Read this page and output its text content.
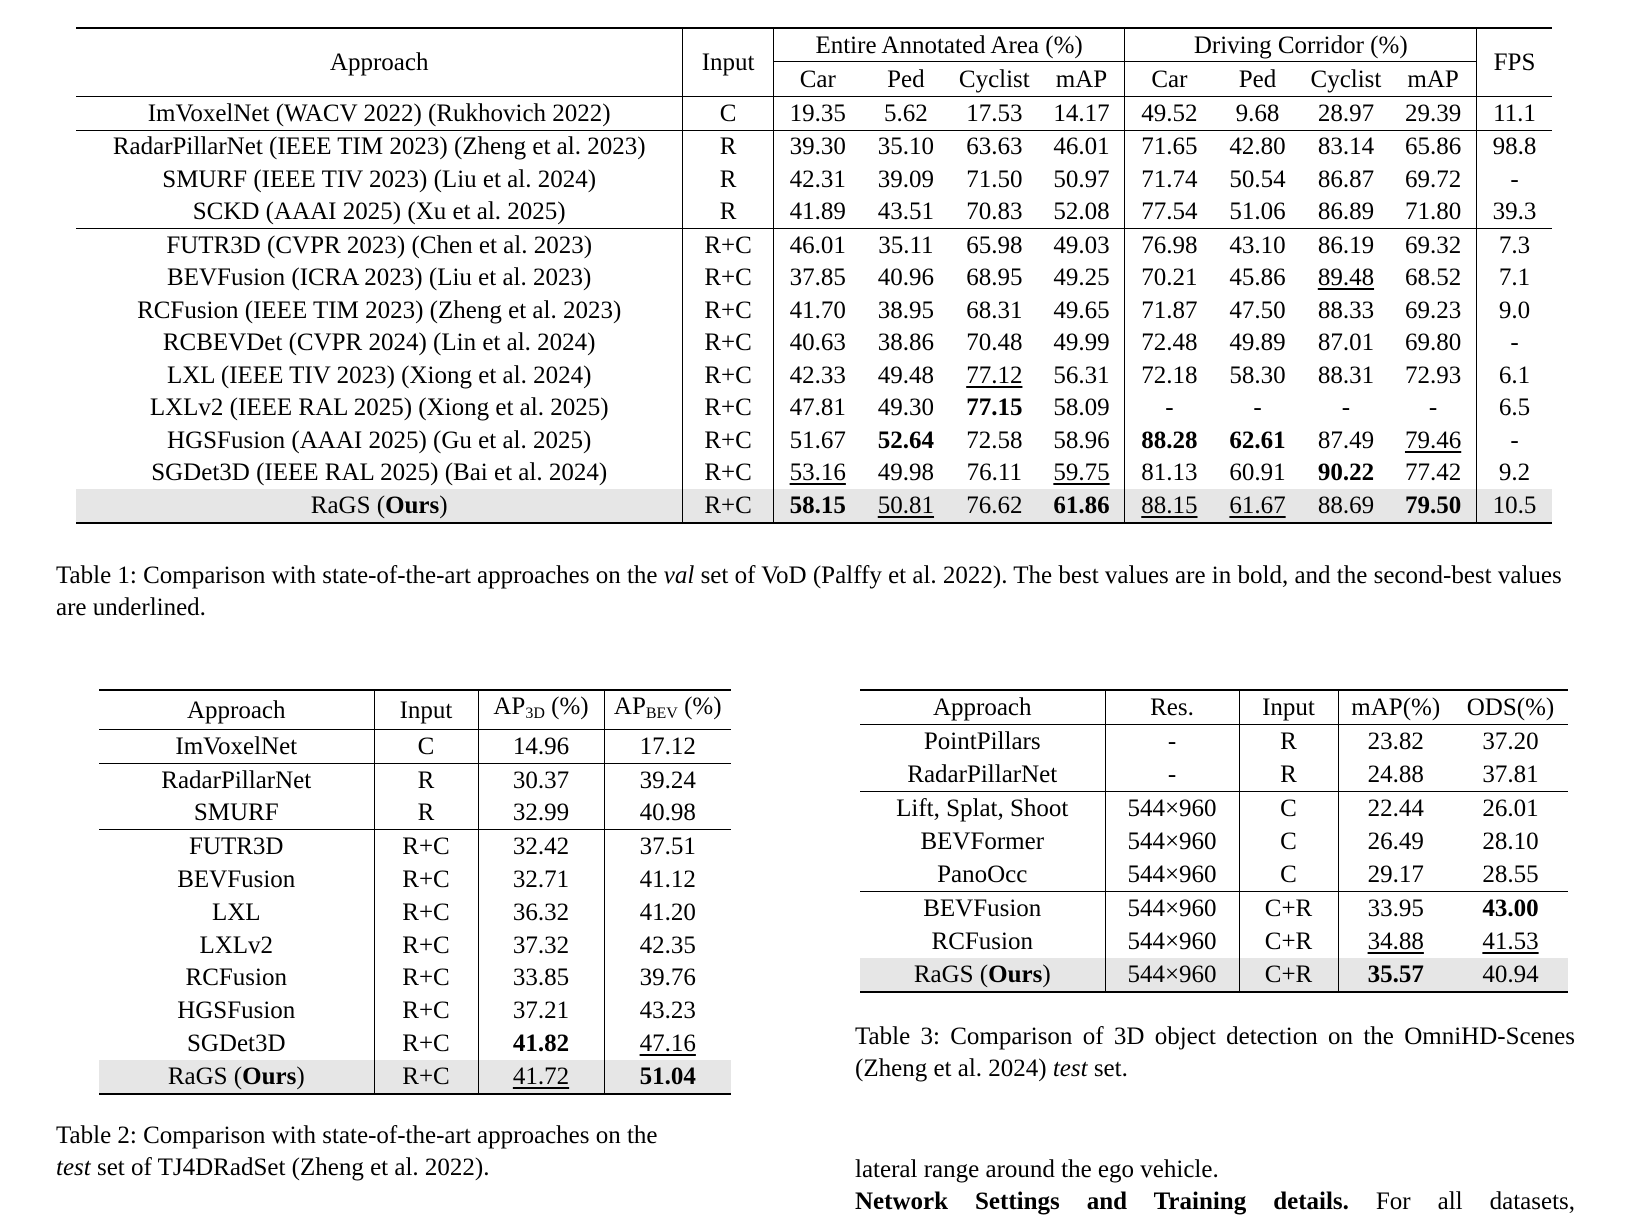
Approach	Input	Entire Annotated Area (%)				Driving Corridor (%)				FPS
		Car	Ped	Cyclist	mAP	Car	Ped	Cyclist	mAP	
ImVoxelNet (WACV 2022) (Rukhovich 2022)	C	19.35	5.62	17.53	14.17	49.52	9.68	28.97	29.39	11.1
RadarPillarNet (IEEE TIM 2023) (Zheng et al. 2023)	R	39.30	35.10	63.63	46.01	71.65	42.80	83.14	65.86	98.8
SMURF (IEEE TIV 2023) (Liu et al. 2024)	R	42.31	39.09	71.50	50.97	71.74	50.54	86.87	69.72	-
SCKD (AAAI 2025) (Xu et al. 2025)	R	41.89	43.51	70.83	52.08	77.54	51.06	86.89	71.80	39.3
FUTR3D (CVPR 2023) (Chen et al. 2023)	R+C	46.01	35.11	65.98	49.03	76.98	43.10	86.19	69.32	7.3
BEVFusion (ICRA 2023) (Liu et al. 2023)	R+C	37.85	40.96	68.95	49.25	70.21	45.86	89.48	68.52	7.1
RCFusion (IEEE TIM 2023) (Zheng et al. 2023)	R+C	41.70	38.95	68.31	49.65	71.87	47.50	88.33	69.23	9.0
RCBEVDet (CVPR 2024) (Lin et al. 2024)	R+C	40.63	38.86	70.48	49.99	72.48	49.89	87.01	69.80	-
LXL (IEEE TIV 2023) (Xiong et al. 2024)	R+C	42.33	49.48	77.12	56.31	72.18	58.30	88.31	72.93	6.1
LXLv2 (IEEE RAL 2025) (Xiong et al. 2025)	R+C	47.81	49.30	77.15	58.09	-	-	-	-	6.5
HGSFusion (AAAI 2025) (Gu et al. 2025)	R+C	51.67	52.64	72.58	58.96	88.28	62.61	87.49	79.46	-
SGDet3D (IEEE RAL 2025) (Bai et al. 2024)	R+C	53.16	49.98	76.11	59.75	81.13	60.91	90.22	77.42	9.2
RaGS (Ours)	R+C	58.15	50.81	76.62	61.86	88.15	61.67	88.69	79.50	10.5
Table 1: Comparison with state-of-the-art approaches on the val set of VoD (Palffy et al. 2022). The best values are in bold, and the second-best values are underlined.
Approach	Input	$AP_{3D}$ (%)	$AP_{BEV}$ (%)
ImVoxelNet	C	14.96	17.12
RadarPillarNet	R	30.37	39.24
SMURF	R	32.99	40.98
FUTR3D	R+C	32.42	37.51
BEVFusion	R+C	32.71	41.12
LXL	R+C	36.32	41.20
LXLv2	R+C	37.32	42.35
RCFusion	R+C	33.85	39.76
HGSFusion	R+C	37.21	43.23
SGDet3D	R+C	41.82	47.16
RaGS (Ours)	R+C	41.72	51.04
Table 2: Comparison with state-of-the-art approaches on the
test set of TJ4DRadSet (Zheng et al. 2022).
Approach	Res.	Input	mAP(%)	ODS(%)
PointPillars	-	R	23.82	37.20
RadarPillarNet	-	R	24.88	37.81
Lift, Splat, Shoot	544×960	C	22.44	26.01
BEVFormer	544×960	C	26.49	28.10
PanoOcc	544×960	C	29.17	28.55
BEVFusion	544×960	C+R	33.95	43.00
RCFusion	544×960	C+R	34.88	41.53
RaGS (Ours)	544×960	C+R	35.57	40.94
Table 3: Comparison of 3D object detection on the OmniHD-Scenes (Zheng et al. 2024) test set.
lateral range around the ego vehicle.

Network Settings and Training details. For all datasets,
